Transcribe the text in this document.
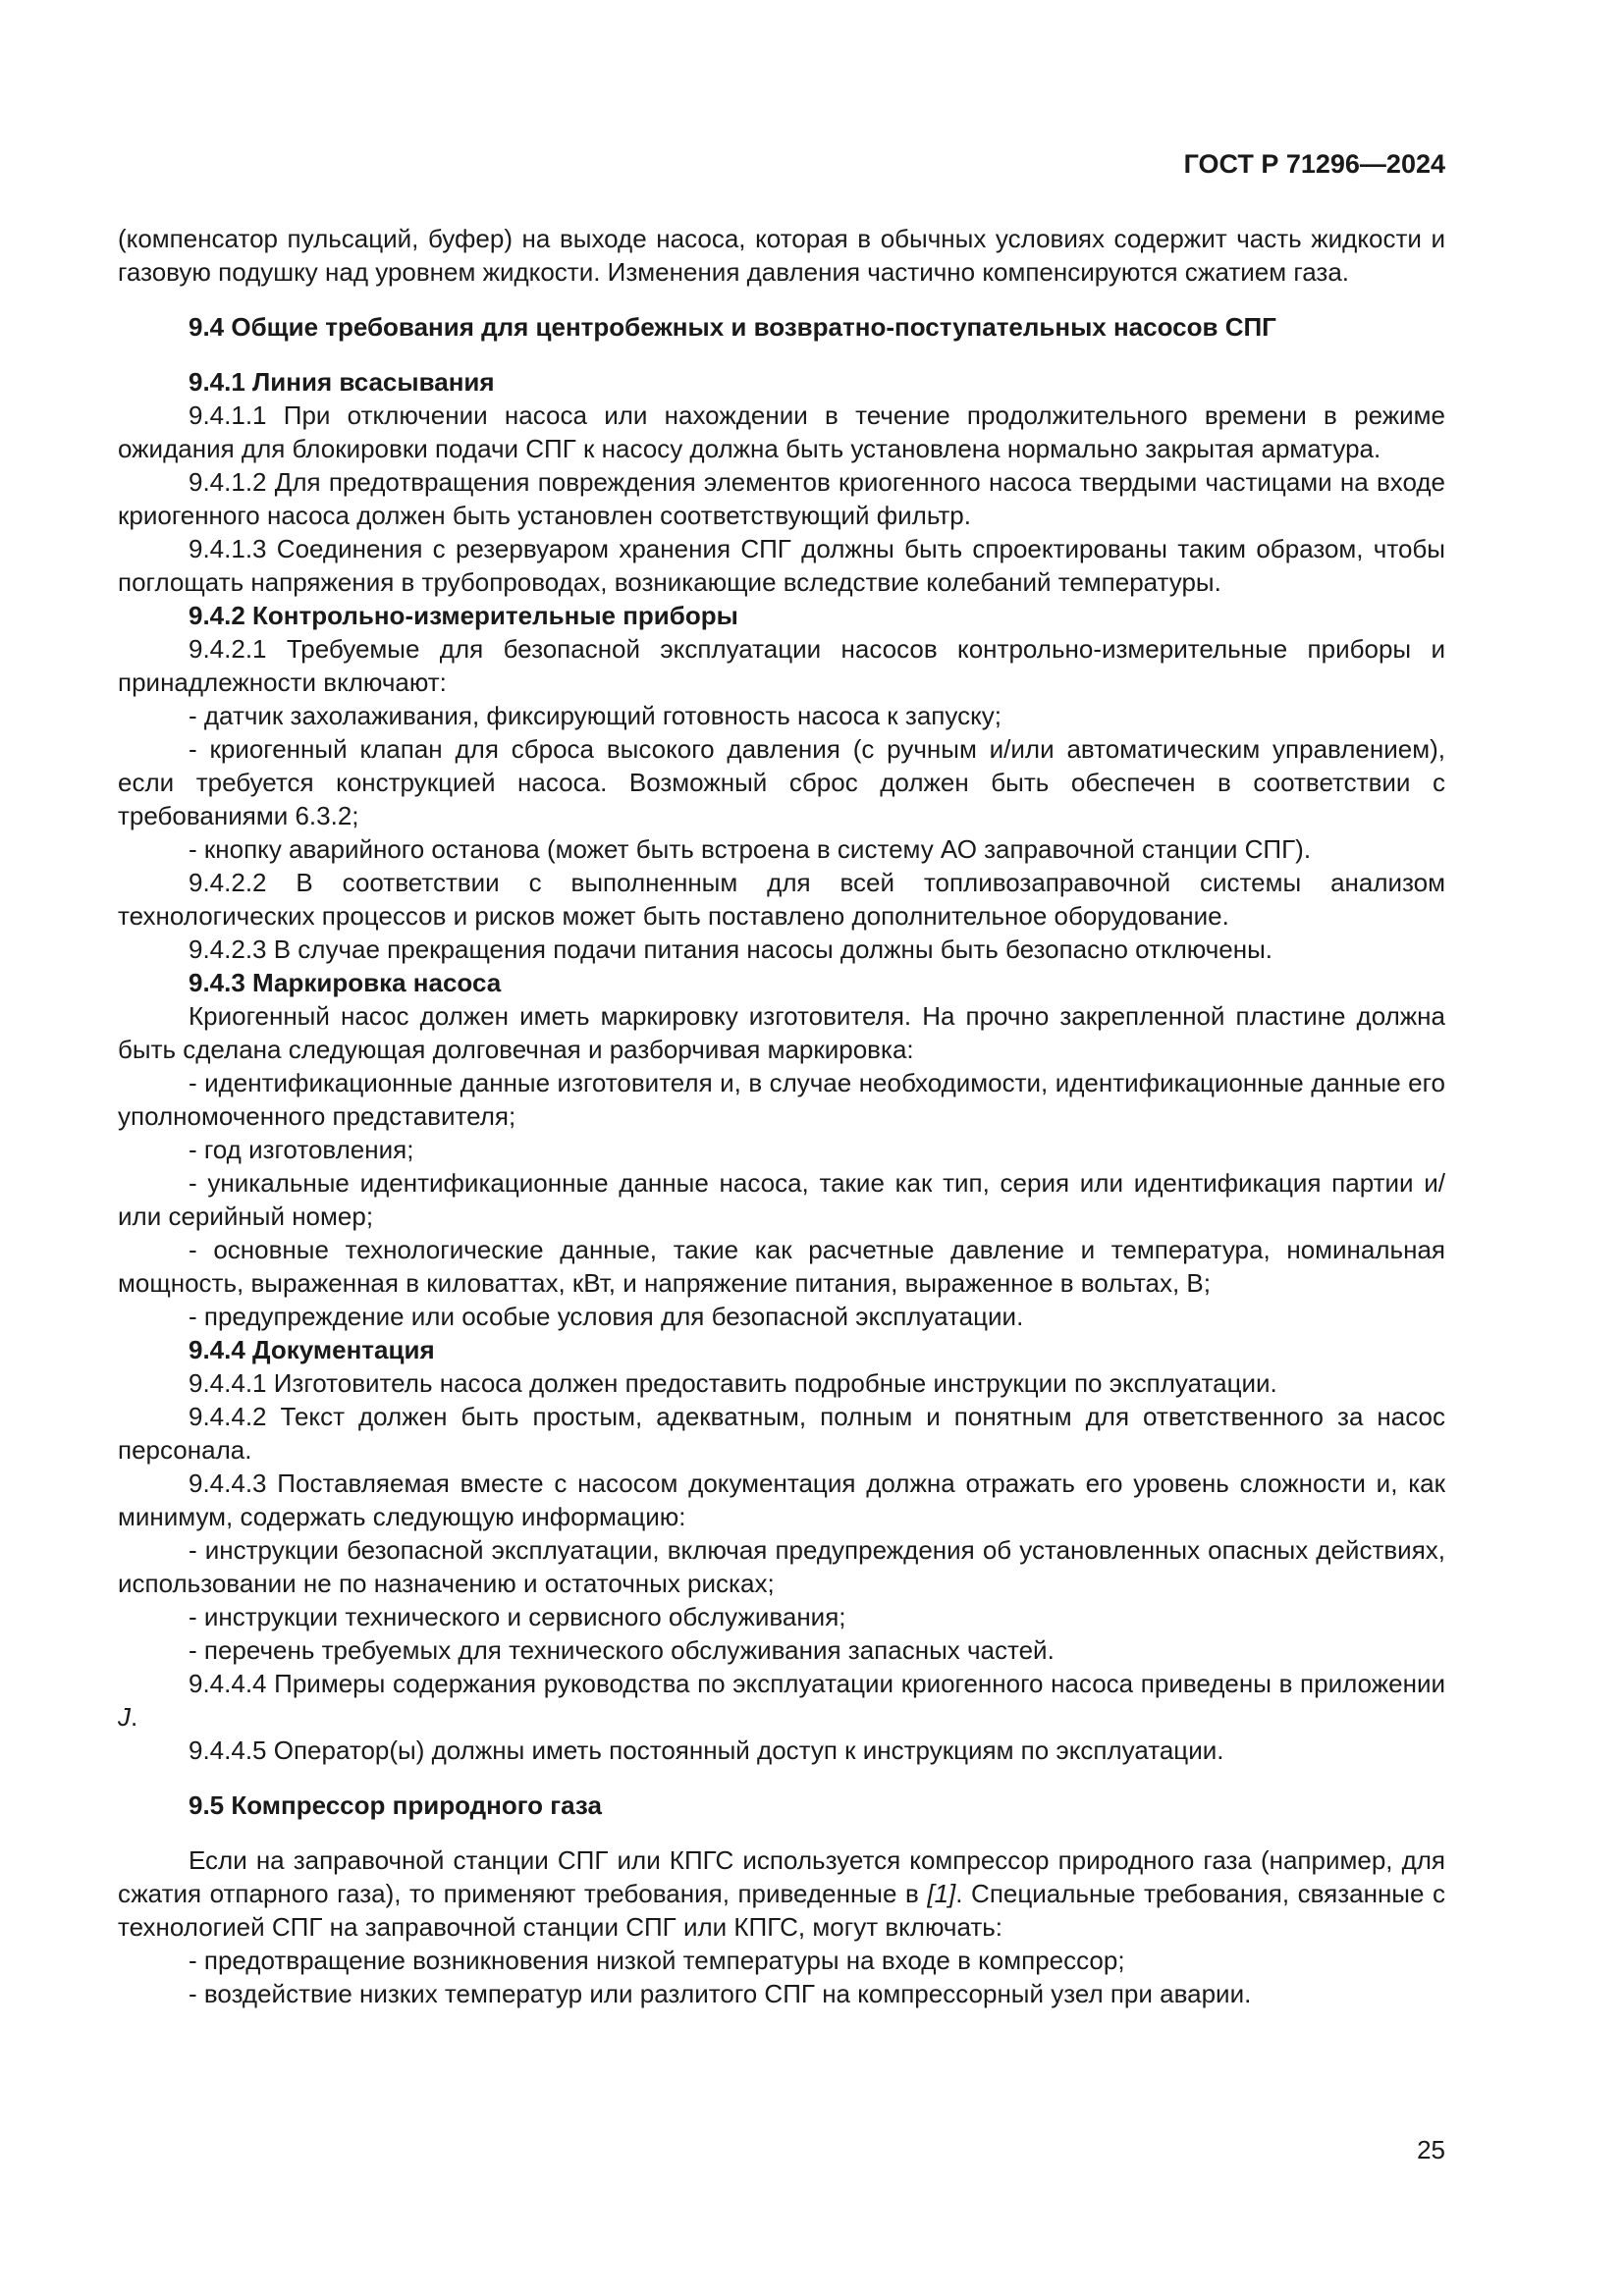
ГОСТ Р 71296—2024

(компенсатор пульсаций, буфер) на выходе насоса, которая в обычных условиях содержит часть жидкости и газовую подушку над уровнем жидкости. Изменения давления частично компенсируются сжатием газа.

9.4 Общие требования для центробежных и возвратно-поступательных насосов СПГ

9.4.1 Линия всасывания

9.4.1.1 При отключении насоса или нахождении в течение продолжительного времени в режиме ожидания для блокировки подачи СПГ к насосу должна быть установлена нормально закрытая арматура.

9.4.1.2 Для предотвращения повреждения элементов криогенного насоса твердыми частицами на входе криогенного насоса должен быть установлен соответствующий фильтр.

9.4.1.3 Соединения с резервуаром хранения СПГ должны быть спроектированы таким образом, чтобы поглощать напряжения в трубопроводах, возникающие вследствие колебаний температуры.

9.4.2 Контрольно-измерительные приборы

9.4.2.1 Требуемые для безопасной эксплуатации насосов контрольно-измерительные приборы и принадлежности включают:

- датчик захолаживания, фиксирующий готовность насоса к запуску;

- криогенный клапан для сброса высокого давления (с ручным и/или автоматическим управлением), если требуется конструкцией насоса. Возможный сброс должен быть обеспечен в соответствии с требованиями 6.3.2;

- кнопку аварийного останова (может быть встроена в систему АО заправочной станции СПГ).

9.4.2.2 В соответствии с выполненным для всей топливозаправочной системы анализом технологических процессов и рисков может быть поставлено дополнительное оборудование.

9.4.2.3 В случае прекращения подачи питания насосы должны быть безопасно отключены.

9.4.3 Маркировка насоса

Криогенный насос должен иметь маркировку изготовителя. На прочно закрепленной пластине должна быть сделана следующая долговечная и разборчивая маркировка:

- идентификационные данные изготовителя и, в случае необходимости, идентификационные данные его уполномоченного представителя;

- год изготовления;

- уникальные идентификационные данные насоса, такие как тип, серия или идентификация партии и/или серийный номер;

- основные технологические данные, такие как расчетные давление и температура, номинальная мощность, выраженная в киловаттах, кВт, и напряжение питания, выраженное в вольтах, В;

- предупреждение или особые условия для безопасной эксплуатации.

9.4.4 Документация

9.4.4.1 Изготовитель насоса должен предоставить подробные инструкции по эксплуатации.

9.4.4.2 Текст должен быть простым, адекватным, полным и понятным для ответственного за насос персонала.

9.4.4.3 Поставляемая вместе с насосом документация должна отражать его уровень сложности и, как минимум, содержать следующую информацию:

- инструкции безопасной эксплуатации, включая предупреждения об установленных опасных действиях, использовании не по назначению и остаточных рисках;

- инструкции технического и сервисного обслуживания;

- перечень требуемых для технического обслуживания запасных частей.

9.4.4.4 Примеры содержания руководства по эксплуатации криогенного насоса приведены в приложении J.

9.4.4.5 Оператор(ы) должны иметь постоянный доступ к инструкциям по эксплуатации.

9.5 Компрессор природного газа

Если на заправочной станции СПГ или КПГС используется компрессор природного газа (например, для сжатия отпарного газа), то применяют требования, приведенные в [1]. Специальные требования, связанные с технологией СПГ на заправочной станции СПГ или КПГС, могут включать:

- предотвращение возникновения низкой температуры на входе в компрессор;

- воздействие низких температур или разлитого СПГ на компрессорный узел при аварии.

25
